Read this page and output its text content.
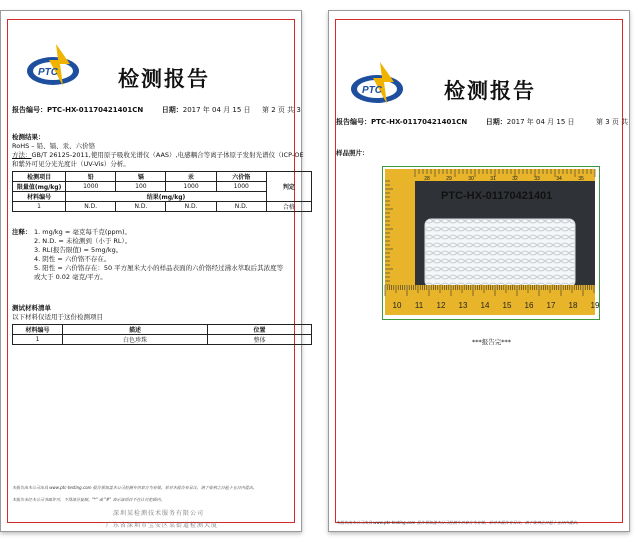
PTC	检测报告
报告编号：PTC-HX-01170421401CN	日期：2017 年 04 月 15 日 第 2 页 共 3
检测结果：
RoHS – 铅、镉、汞、六价铬
方法：GB/T 26125-2011,使用原子吸收光谱仪（AAS）,电感耦合等离子体原子发射光谱仪（ICP-OE
和紫外可见分光光度计（UV-Vis）分析。
检测项目	铅	镉	汞	六价铬	判定
限量值(mg/kg)	1000	100	1000	1000	
材料编号	结果(mg/kg)				
1	N.D.	N.D.	N.D.	N.D.	合格
注释： 1. mg/kg = 毫克每千克(ppm)。
2. N.D. = 未检测到（小于 RL）。
3. RL(报告限值) = 5mg/kg。
4. 阴性 = 六价铬不存在。
5. 阳性 = 六价铬存在：50 平方厘米大小的样品表面的六价铬经过沸水萃取后其浓度等
或大于 0.02 毫克/平方。
测试材料清单
以下材料仅适用于这份检测项目
材料编号	描述	位置
1	白色珍珠	整体
本报告由本公司出具 www.ptc-testing.com 报告须加盖本公司检测专用章方为有效。若对本报告有异议，请于收到之日起十五日内提出。
本报告未经本公司书面许可，不得部分复制。"*" 或 "#" 表示该项目不在认可范围内。
深圳某检测技术服务有限公司
广东省深圳市宝安区某街道检测大厦
PTC	检测报告
报告编号：PTC-HX-01170421401CN	日期：2017 年 04 月 15 日	第 3 页 共
样品照片：
28	29	30	31	32	33	34	35
10 11 12 13 14 15 16 17 18 19
PTC-HX-01170421401
***报告完***
本报告由本公司出具 www.ptc-testing.com 报告须加盖本公司检测专用章方为有效。若对本报告有异议，请于收到之日起十五日内提出。
